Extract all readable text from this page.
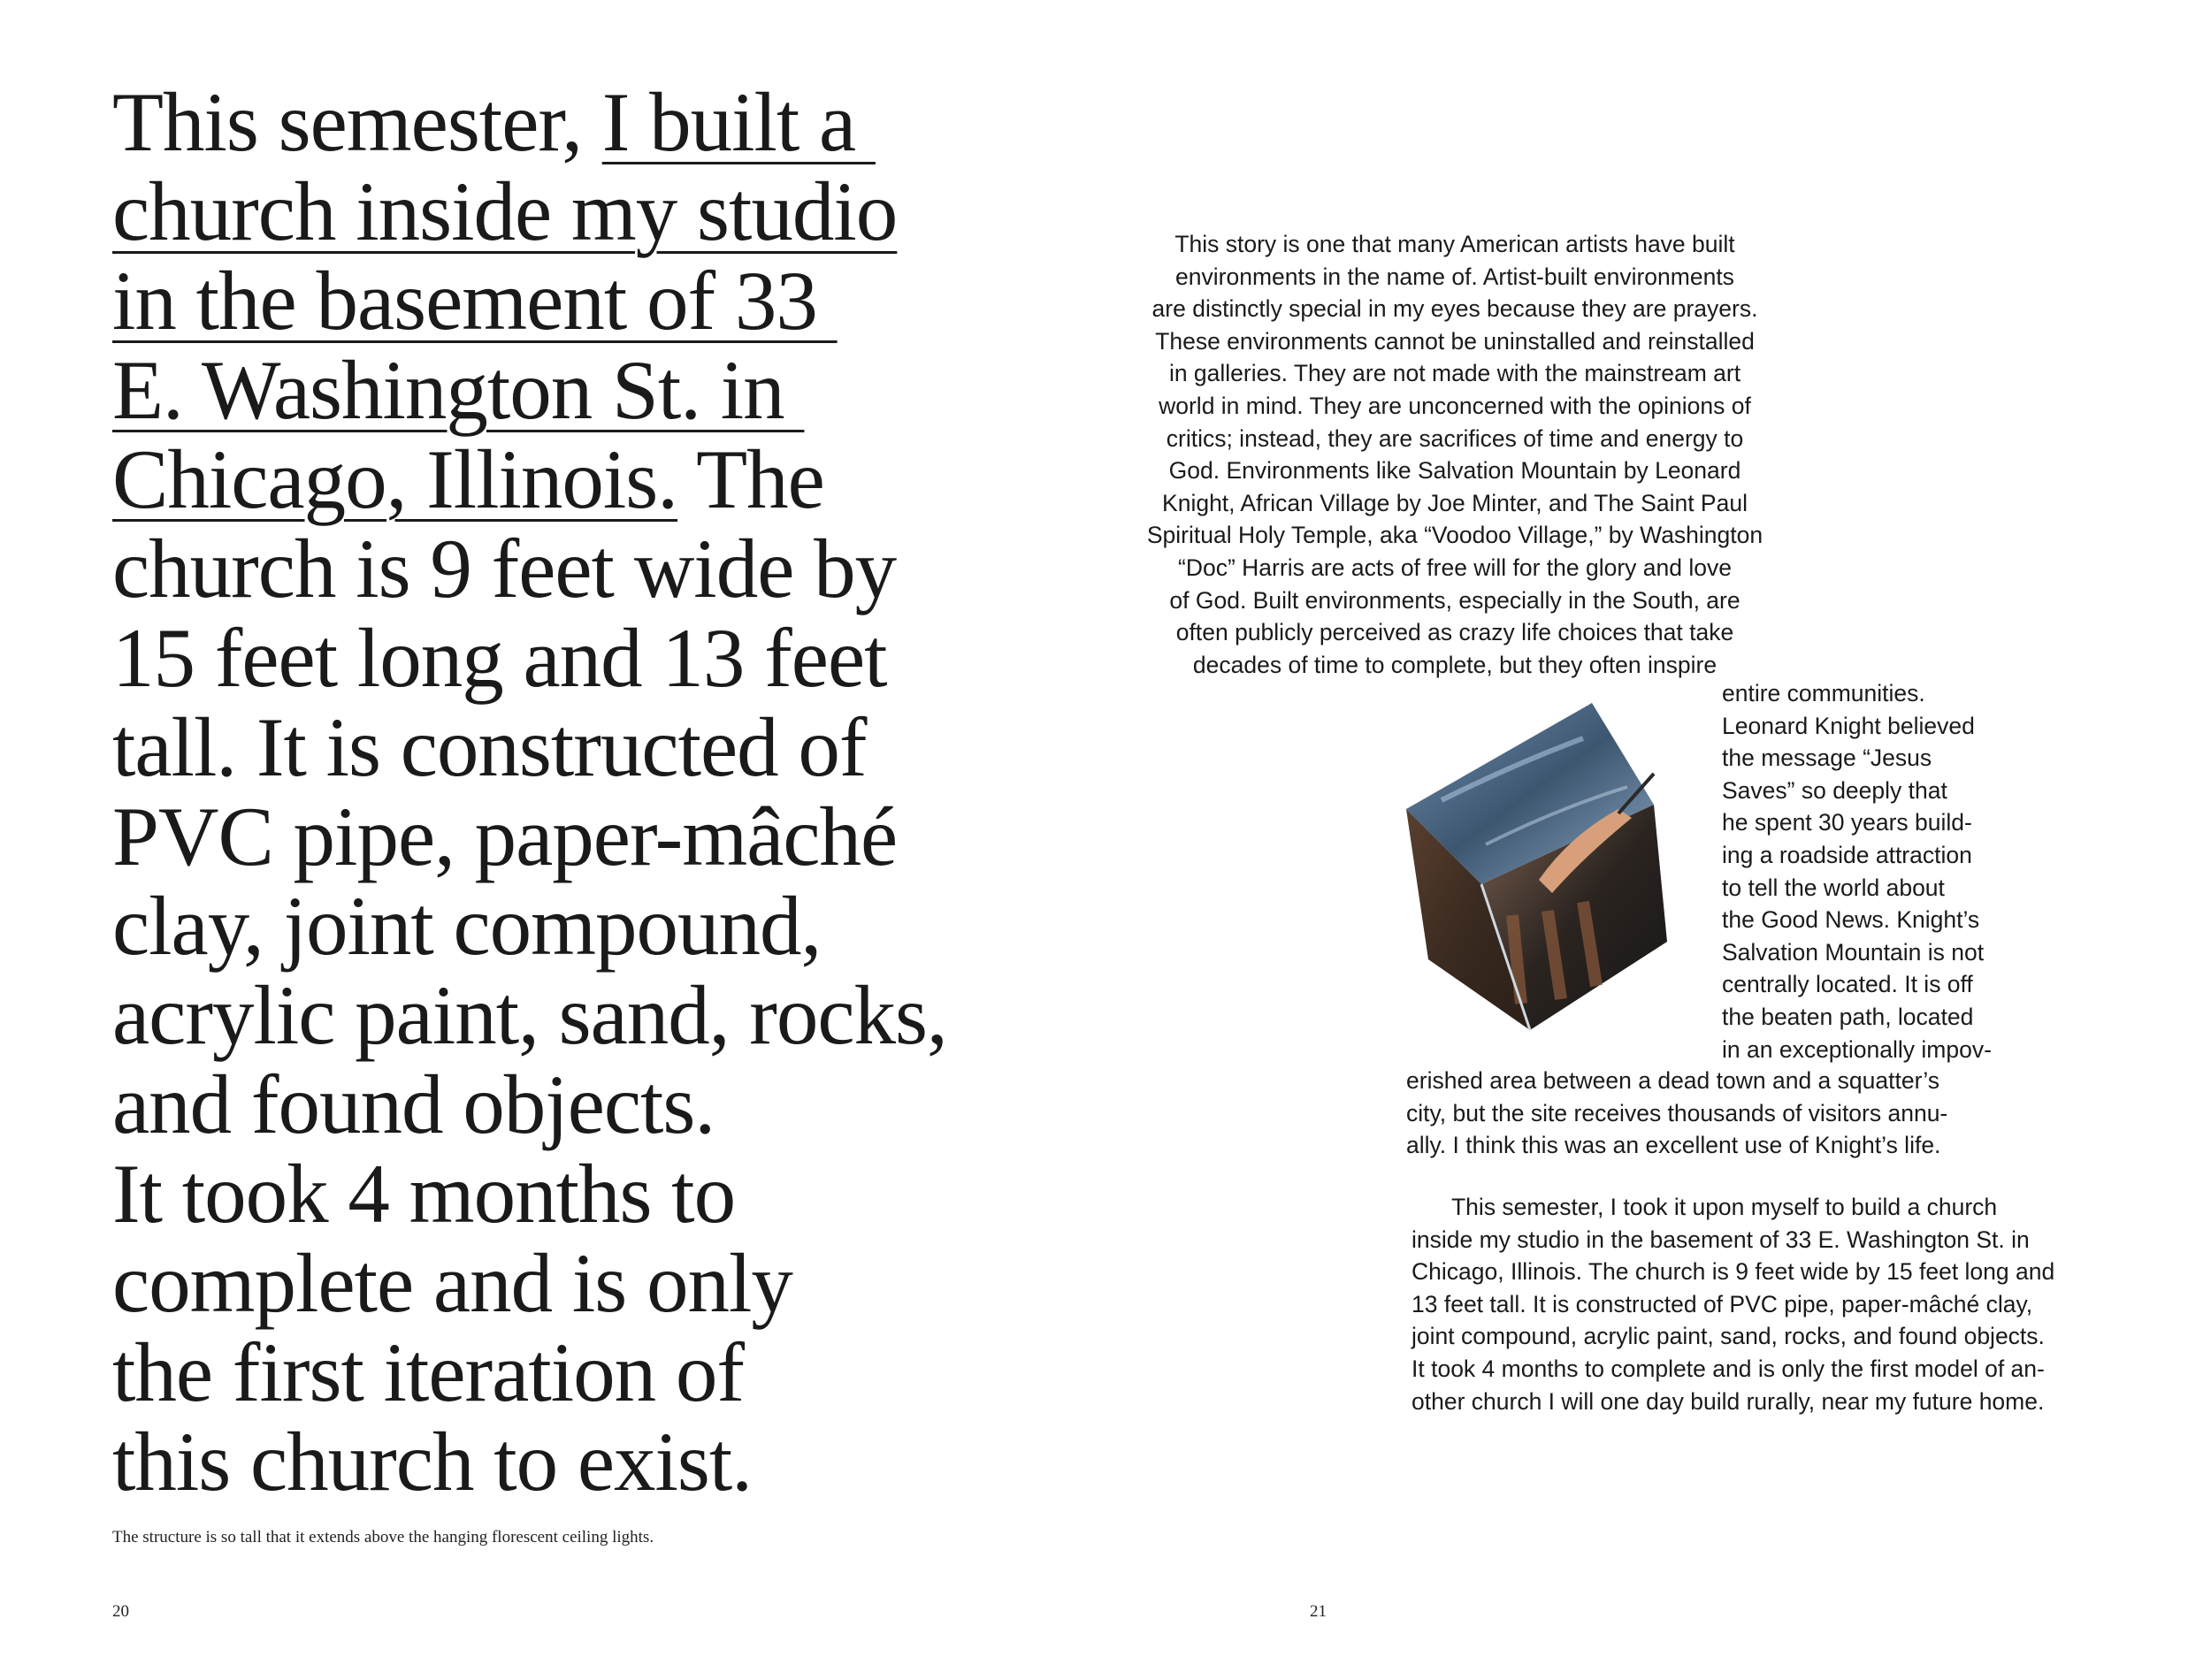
This semester, I built a
church inside my studio
in the basement of 33
E. Washington St. in
Chicago, Illinois. The
church is 9 feet wide by
15 feet long and 13 feet
tall. It is constructed of
PVC pipe, paper-mâché
clay, joint compound,
acrylic paint, sand, rocks,
and found objects.
It took 4 months to
complete and is only
the first iteration of
this church to exist.
The structure is so tall that it extends above the hanging florescent ceiling lights.
20	21
This story is one that many American artists have built
environments in the name of. Artist-built environments
are distinctly special in my eyes because they are prayers.
These environments cannot be uninstalled and reinstalled
in galleries. They are not made with the mainstream art
world in mind. They are unconcerned with the opinions of
critics; instead, they are sacrifices of time and energy to
God. Environments like Salvation Mountain by Leonard
Knight, African Village by Joe Minter, and The Saint Paul
Spiritual Holy Temple, aka “Voodoo Village,” by Washington
“Doc” Harris are acts of free will for the glory and love
of God. Built environments, especially in the South, are
often publicly perceived as crazy life choices that take
decades of time to complete, but they often inspire
entire communities.
Leonard Knight believed
the message “Jesus
Saves” so deeply that
he spent 30 years build-
ing a roadside attraction
to tell the world about
the Good News. Knight’s
Salvation Mountain is not
centrally located. It is off
the beaten path, located
in an exceptionally impov-
erished area between a dead town and a squatter’s
city, but the site receives thousands of visitors annu-
ally. I think this was an excellent use of Knight’s life.
This semester, I took it upon myself to build a church
inside my studio in the basement of 33 E. Washington St. in
Chicago, Illinois. The church is 9 feet wide by 15 feet long and
13 feet tall. It is constructed of PVC pipe, paper-mâché clay,
joint compound, acrylic paint, sand, rocks, and found objects.
It took 4 months to complete and is only the first model of an-
other church I will one day build rurally, near my future home.
